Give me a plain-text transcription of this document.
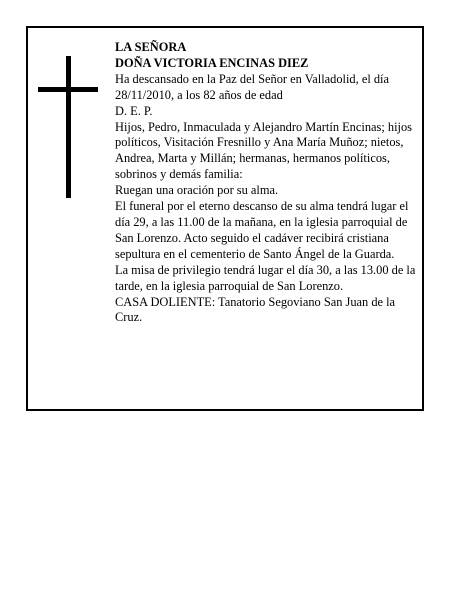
LA SEÑORA

DOÑA VICTORIA ENCINAS DIEZ

Ha descansado en la Paz del Señor en Valladolid, el día 28/11/2010, a los 82 años de edad

D. E. P.

Hijos, Pedro, Inmaculada y Alejandro Martín Encinas; hijos políticos, Visitación Fresnillo y Ana María Muñoz; nietos, Andrea, Marta y Millán; hermanas, hermanos políticos, sobrinos y demás familia:

Ruegan una oración por su alma.

El funeral por el eterno descanso de su alma tendrá lugar el día 29, a las 11.00 de la mañana, en la iglesia parroquial de San Lorenzo. Acto seguido el cadáver recibirá cristiana sepultura en el cementerio de Santo Ángel de la Guarda.

La misa de privilegio tendrá lugar el día 30, a las 13.00 de la tarde, en la iglesia parroquial de San Lorenzo.

CASA DOLIENTE: Tanatorio Segoviano San Juan de la Cruz.
